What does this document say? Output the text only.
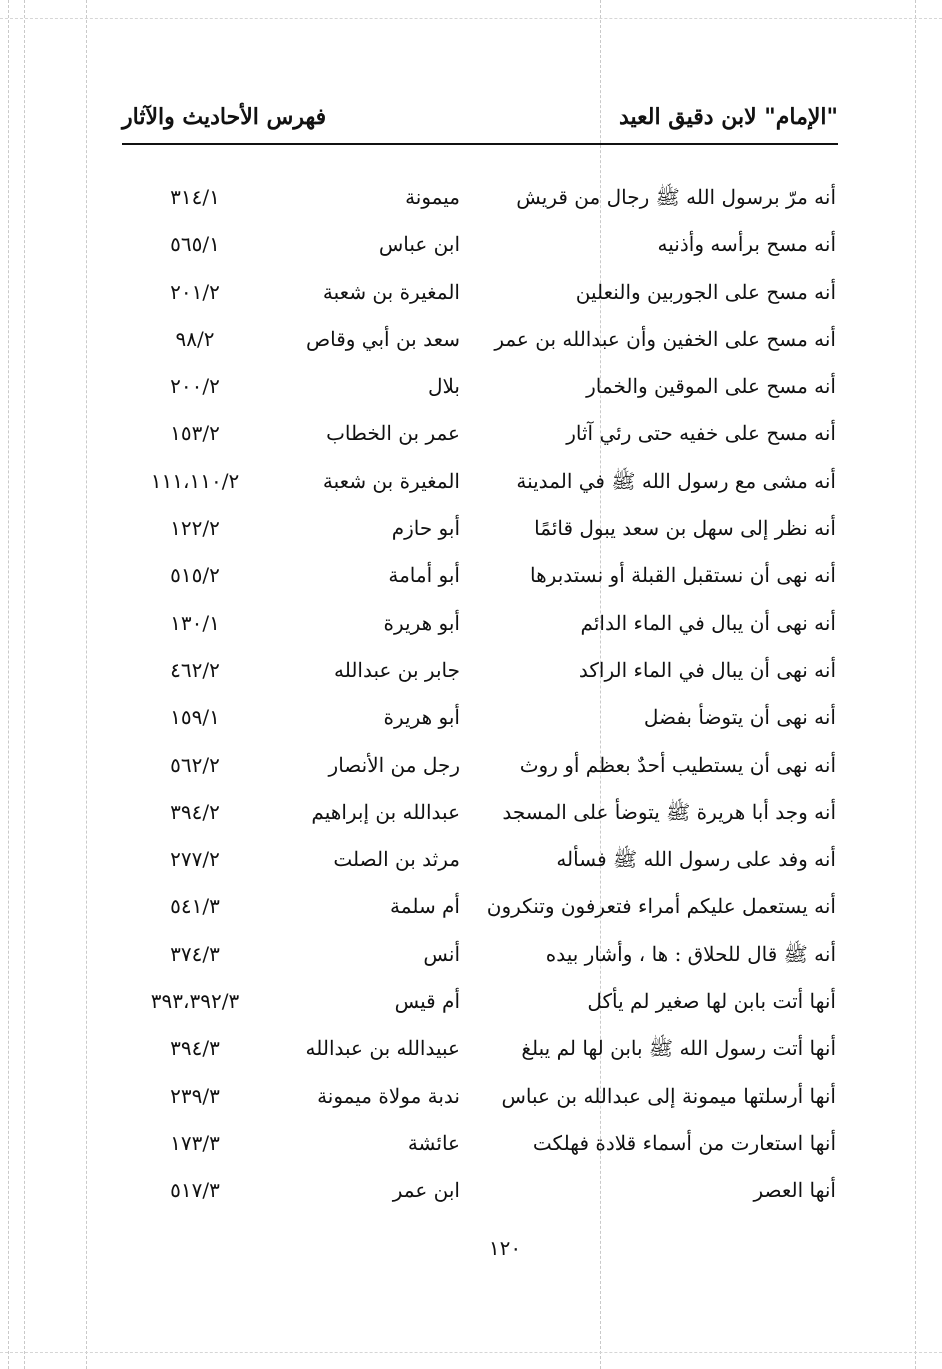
"الإمام" لابن دقيق العيد
فهرس الأحاديث والآثار
أنه مرّ برسول الله ﷺ رجال من قريش
ميمونة
٣١٤/١
أنه مسح برأسه وأذنيه
ابن عباس
٥٦٥/١
أنه مسح على الجوربين والنعلين
المغيرة بن شعبة
٢٠١/٢
أنه مسح على الخفين وأن عبدالله بن عمر
سعد بن أبي وقاص
٩٨/٢
أنه مسح على الموقين والخمار
بلال
٢٠٠/٢
أنه مسح على خفيه حتى رئي آثار
عمر بن الخطاب
١٥٣/٢
أنه مشى مع رسول الله ﷺ في المدينة
المغيرة بن شعبة
١١١،١١٠/٢
أنه نظر إلى سهل بن سعد يبول قائمًا
أبو حازم
١٢٢/٢
أنه نهى أن نستقبل القبلة أو نستدبرها
أبو أمامة
٥١٥/٢
أنه نهى أن يبال في الماء الدائم
أبو هريرة
١٣٠/١
أنه نهى أن يبال في الماء الراكد
جابر بن عبدالله
٤٦٢/٢
أنه نهى أن يتوضأ بفضل
أبو هريرة
١٥٩/١
أنه نهى أن يستطيب أحدٌ بعظم أو روث
رجل من الأنصار
٥٦٢/٢
أنه وجد أبا هريرة ﷺ يتوضأ على المسجد
عبدالله بن إبراهيم
٣٩٤/٢
أنه وفد على رسول الله ﷺ فسأله
مرثد بن الصلت
٢٧٧/٢
أنه يستعمل عليكم أمراء فتعرفون وتنكرون
أم سلمة
٥٤١/٣
أنه ﷺ قال للحلاق : ها ، وأشار بيده
أنس
٣٧٤/٣
أنها أتت بابن لها صغير لم يأكل
أم قيس
٣٩٣،٣٩٢/٣
أنها أتت رسول الله ﷺ بابن لها لم يبلغ
عبيدالله بن عبدالله
٣٩٤/٣
أنها أرسلتها ميمونة إلى عبدالله بن عباس
ندبة مولاة ميمونة
٢٣٩/٣
أنها استعارت من أسماء قلادة فهلكت
عائشة
١٧٣/٣
أنها العصر
ابن عمر
٥١٧/٣
١٢٠
